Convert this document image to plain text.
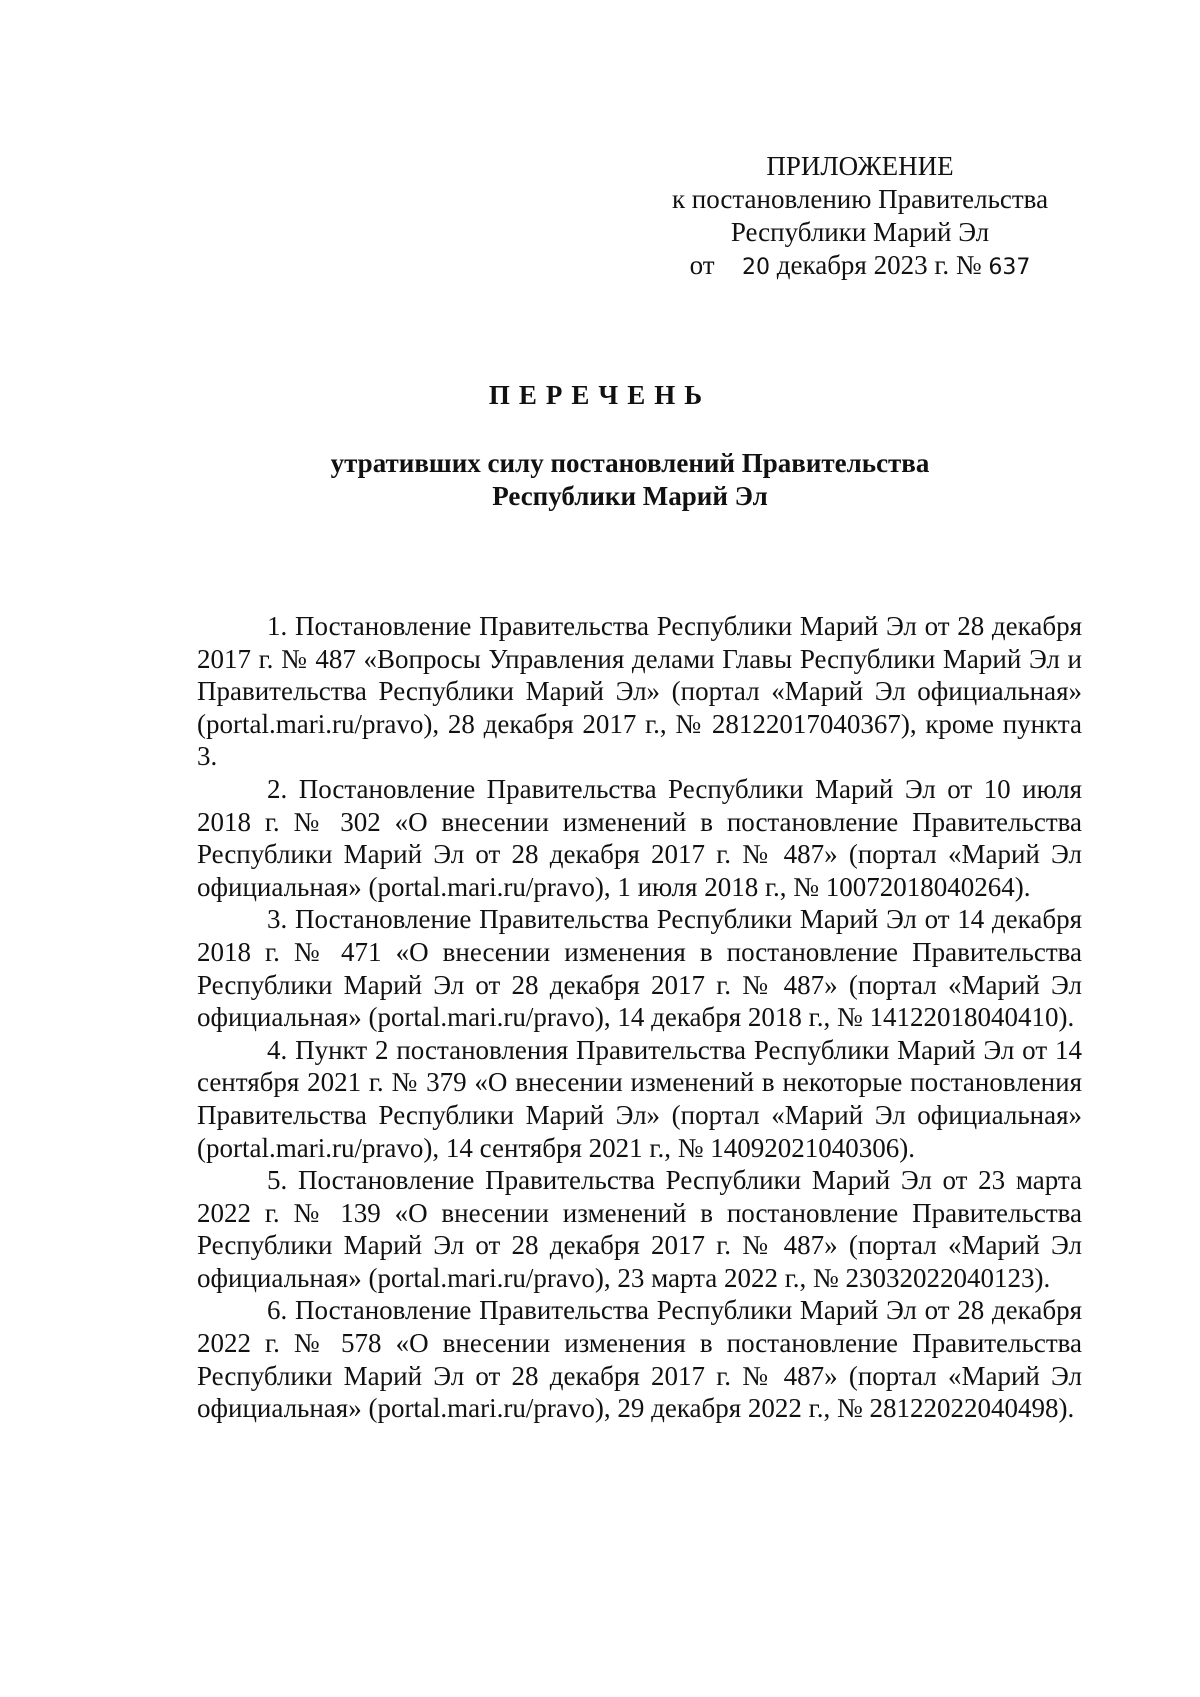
ПРИЛОЖЕНИЕ
к постановлению Правительства
Республики Марий Эл
от 20 декабря 2023 г. № 637
ПЕРЕЧЕНЬ
утративших силу постановлений Правительства
Республики Марий Эл

1. Постановление Правительства Республики Марий Эл от 28 декабря 2017 г. № 487 «Вопросы Управления делами Главы Республики Марий Эл и Правительства Республики Марий Эл» (портал «Марий Эл официальная» (portal.mari.ru/pravo), 28 декабря 2017 г., № 28122017040367), кроме пункта 3.

2. Постановление Правительства Республики Марий Эл от 10 июля 2018 г. № 302 «О внесении изменений в постановление Правительства Республики Марий Эл от 28 декабря 2017 г. № 487» (портал «Марий Эл официальная» (portal.mari.ru/pravo), 1 июля 2018 г., № 10072018040264).

3. Постановление Правительства Республики Марий Эл от 14 декабря 2018 г. № 471 «О внесении изменения в постановление Правительства Республики Марий Эл от 28 декабря 2017 г. № 487» (портал «Марий Эл официальная» (portal.mari.ru/pravo), 14 декабря 2018 г., № 14122018040410).

4. Пункт 2 постановления Правительства Республики Марий Эл от 14 сентября 2021 г. № 379 «О внесении изменений в некоторые постановления Правительства Республики Марий Эл» (портал «Марий Эл официальная» (portal.mari.ru/pravo), 14 сентября 2021 г., № 14092021040306).

5. Постановление Правительства Республики Марий Эл от 23 марта 2022 г. № 139 «О внесении изменений в постановление Правительства Республики Марий Эл от 28 декабря 2017 г. № 487» (портал «Марий Эл официальная» (portal.mari.ru/pravo), 23 марта 2022 г., № 23032022040123).

6. Постановление Правительства Республики Марий Эл от 28 декабря 2022 г. № 578 «О внесении изменения в постановление Правительства Республики Марий Эл от 28 декабря 2017 г. № 487» (портал «Марий Эл официальная» (portal.mari.ru/pravo), 29 декабря 2022 г., № 28122022040498).
